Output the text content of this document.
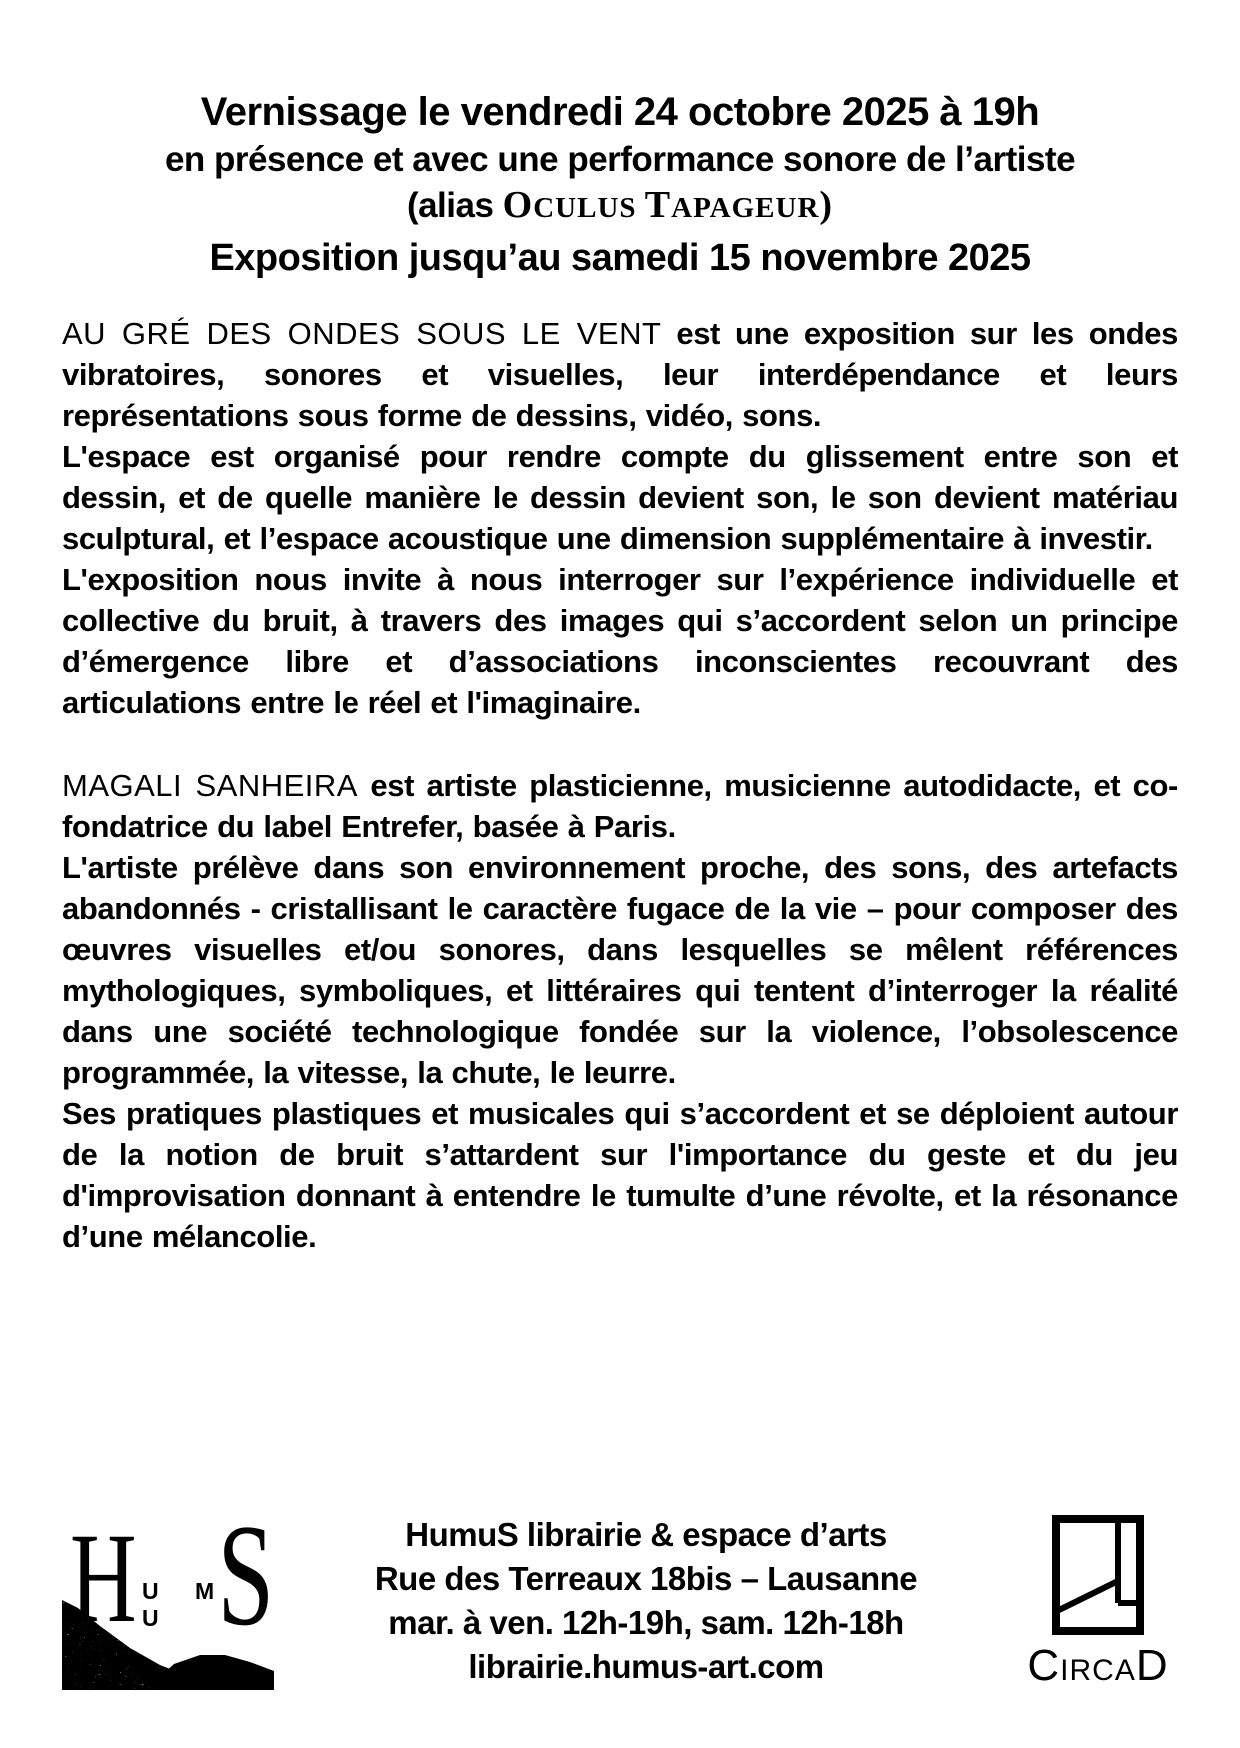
Vernissage le vendredi 24 octobre 2025 à 19h
en présence et avec une performance sonore de l’artiste
(alias OCULUS TAPAGEUR)
Exposition jusqu’au samedi 15 novembre 2025

AU GRÉ DES ONDES SOUS LE VENT est une exposition sur les ondes vibratoires, sonores et visuelles, leur interdépendance et leurs représentations sous forme de dessins, vidéo, sons.

L'espace est organisé pour rendre compte du glissement entre son et dessin, et de quelle manière le dessin devient son, le son devient matériau sculptural, et l’espace acoustique une dimension supplémentaire à investir.

L'exposition nous invite à nous interroger sur l’expérience individuelle et collective du bruit, à travers des images qui s’accordent selon un principe d’émergence libre et d’associations inconscientes recouvrant des articulations entre le réel et l'imaginaire.

MAGALI SANHEIRA est artiste plasticienne, musicienne autodidacte, et co-fondatrice du label Entrefer, basée à Paris.

L'artiste prélève dans son environnement proche, des sons, des artefacts abandonnés - cristallisant le caractère fugace de la vie – pour composer des œuvres visuelles et/ou sonores, dans lesquelles se mêlent références mythologiques, symboliques, et littéraires qui tentent d’interroger la réalité dans une société technologique fondée sur la violence, l’obsolescence programmée, la vitesse, la chute, le leurre.

Ses pratiques plastiques et musicales qui s’accordent et se déploient autour de la notion de bruit s’attardent sur l'importance du geste et du jeu d'improvisation donnant à entendre le tumulte d’une révolte, et la résonance d’une mélancolie.

H U M U S	HumuS librairie & espace d’arts
Rue des Terreaux 18bis – Lausanne
mar. à ven. 12h-19h, sam. 12h-18h
librairie.humus-art.com	CIRCAD
